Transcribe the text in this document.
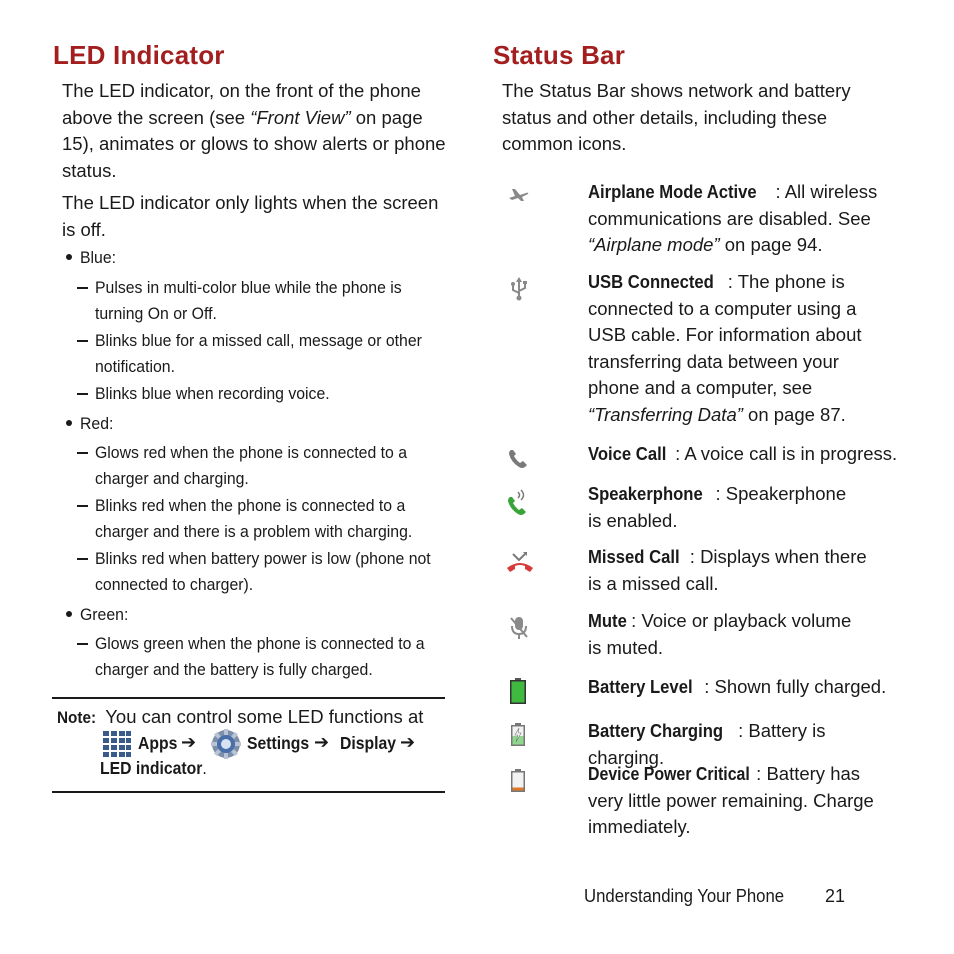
LED Indicator

The LED indicator, on the front of the phone above the screen (see “Front View” on page 15), animates or glows to show alerts or phone status.

The LED indicator only lights when the screen is off.

Blue:
Pulses in multi-color blue while the phone is turning On or Off.
Blinks blue for a missed call, message or other notification.
Blinks blue when recording voice.
Red:
Glows red when the phone is connected to a charger and charging.
Blinks red when the phone is connected to a charger and there is a problem with charging.
Blinks red when battery power is low (phone not connected to charger).
Green:
Glows green when the phone is connected to a charger and the battery is fully charged.
Note: You can control some LED functions at
Apps ➔	Settings ➔ Display ➔
LED indicator.
Status Bar

The Status Bar shows network and battery status and other details, including these common icons.

Airplane Mode Active : All wireless communications are disabled. See “Airplane mode” on page 94.
USB Connected : The phone is connected to a computer using a USB cable. For information about transferring data between your phone and a computer, see “Transferring Data” on page 87.
Voice Call : A voice call is in progress.
Speakerphone : Speakerphone is enabled.
Missed Call : Displays when there is a missed call.
Mute : Voice or playback volume is muted.
Battery Level : Shown fully charged.
Battery Charging : Battery is charging.
Device Power Critical : Battery has very little power remaining. Charge immediately.
Understanding Your Phone 21
